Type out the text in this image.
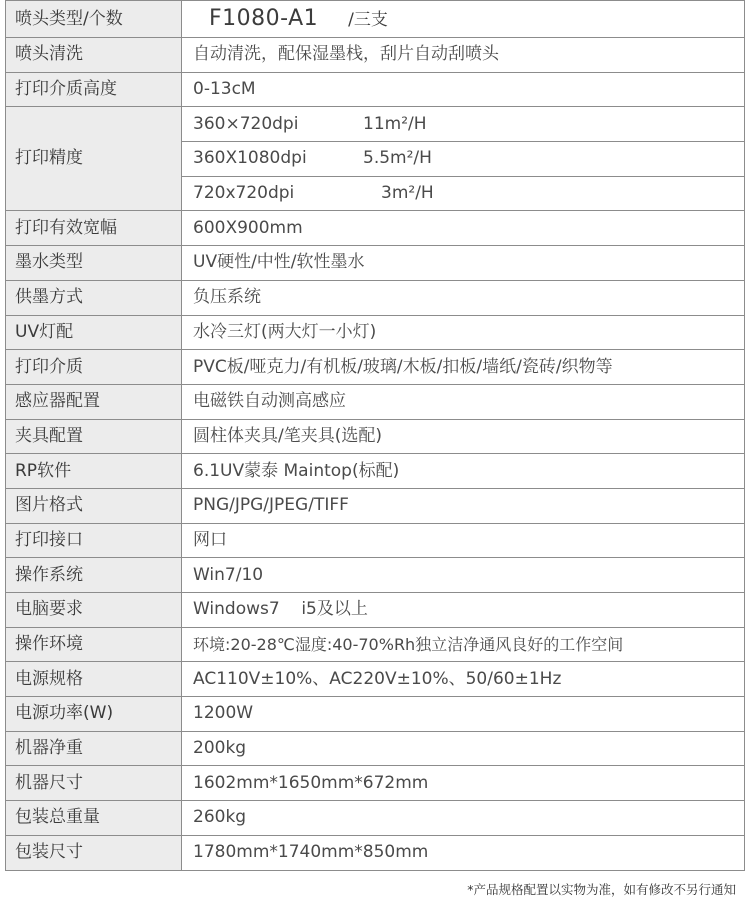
喷头类型/个数	F1080-A1 /三支
喷头清洗	自动清洗，配保湿墨栈，刮片自动刮喷头
打印介质高度	0-13cM
打印精度	360×720dpi 11m²/H
	360X1080dpi 5.5m²/H
	720x720dpi 3m²/H
打印有效宽幅	600X900mm
墨水类型	UV硬性/中性/软性墨水
供墨方式	负压系统
UV灯配	水冷三灯(两大灯一小灯)
打印介质	PVC板/哑克力/有机板/玻璃/木板/扣板/墙纸/瓷砖/织物等
感应器配置	电磁铁自动测高感应
夹具配置	圆柱体夹具/笔夹具(选配)
RP软件	6.1UV蒙泰 Maintop(标配)
图片格式	PNG/JPG/JPEG/TIFF
打印接口	网口
操作系统	Win7/10
电脑要求	Windows7    i5及以上
操作环境	环境:20-28℃湿度:40-70%Rh独立洁净通风良好的工作空间
电源规格	AC110V±10%、AC220V±10%、50/60±1Hz
电源功率(W)	1200W
机器净重	200kg
机器尺寸	1602mm*1650mm*672mm
包装总重量	260kg
包装尺寸	1780mm*1740mm*850mm
*产品规格配置以实物为准，如有修改不另行通知
